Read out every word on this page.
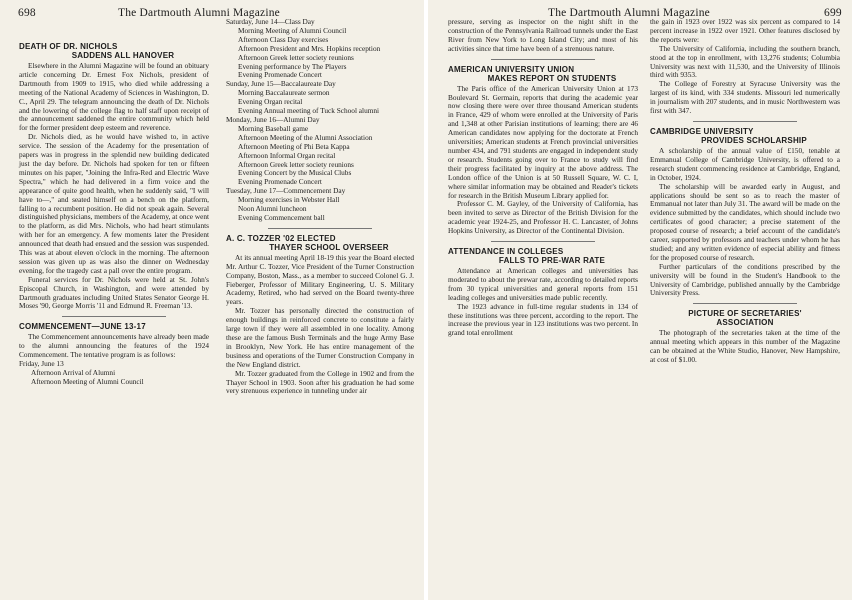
698	The Dartmouth Alumni Magazine
DEATH OF DR. NICHOLS
SADDENS ALL HANOVER

Elsewhere in the Alumni Magazine will be found an obituary article concerning Dr. Ernest Fox Nichols, president of Dartmouth from 1909 to 1915, who died while addressing a meeting of the National Academy of Sciences in Washington, D. C., April 29. The telegram announcing the death of Dr. Nichols and the lowering of the college flag to half staff upon receipt of the announcement saddened the entire community which held for the former president deep esteem and reverence.

Dr. Nichols died, as he would have wished to, in active service. The session of the Academy for the presentation of papers was in progress in the splendid new building dedicated just the day before. Dr. Nichols had spoken for ten or fifteen minutes on his paper, "Joining the Infra-Red and Electric Wave Spectra," which he had delivered in a firm voice and the appearance of quite good health, when he suddenly said, "I will have to—," and seated himself on a bench on the platform, falling to a recumbent position. He did not speak again. Several distinguished physicians, members of the Academy, at once went to the platform, as did Mrs. Nichols, who had heart stimulants with her for an emergency. A few moments later the President announced that death had ensued and the session was suspended. This was at about eleven o'clock in the morning. The afternoon session was given up as was also the dinner on Wednesday evening, for the tragedy cast a pall over the entire program.

Funeral services for Dr. Nichols were held at St. John's Episcopal Church, in Washington, and were attended by Dartmouth graduates including United States Senator George H. Moses '90, George Morris '11 and Edmund R. Freeman '13.

COMMENCEMENT—JUNE 13-17

The Commencement announcements have already been made to the alumni announcing the features of the 1924 Commencement. The tentative program is as follows:

Friday, June 13
Afternoon Arrival of Alumni
Afternoon Meeting of Alumni Council
Saturday, June 14—Class Day
Morning Meeting of Alumni Council
Afternoon Class Day exercises
Afternoon President and Mrs. Hopkins reception
Afternoon Greek letter society reunions
Evening performance by The Players
Evening Promenade Concert
Sunday, June 15—Baccalaureate Day
Morning Baccalaureate sermon
Evening Organ recital
Evening Annual meeting of Tuck School alumni
Monday, June 16—Alumni Day
Morning Baseball game
Afternoon Meeting of the Alumni Association
Afternoon Meeting of Phi Beta Kappa
Afternoon Informal Organ recital
Afternoon Greek letter society reunions
Evening Concert by the Musical Clubs
Evening Promenade Concert
Tuesday, June 17—Commencement Day
Morning exercises in Webster Hall
Noon Alumni luncheon
Evening Commencement ball
A. C. TOZZER '02 ELECTED
THAYER SCHOOL OVERSEER

At its annual meeting April 18-19 this year the Board elected Mr. Arthur C. Tozzer, Vice President of the Turner Construction Company, Boston, Mass., as a member to succeed Colonel G. J. Fieberger, Professor of Military Engineering, U. S. Military Academy, Retired, who had served on the Board twenty-three years.

Mr. Tozzer has personally directed the construction of enough buildings in reinforced concrete to constitute a fairly large town if they were all assembled in one locality. Among these are the famous Bush Terminals and the huge Army Base in Brooklyn, New York. He has entire management of the business and operations of the Turner Construction Company in the New England district.

Mr. Tozzer graduated from the College in 1902 and from the Thayer School in 1903. Soon after his graduation he had some very strenuous experience in tunneling under air

The Dartmouth Alumni Magazine	699

pressure, serving as inspector on the night shift in the construction of the Pennsylvania Railroad tunnels under the East River from New York to Long Island City; and most of his activities since that time have been of a strenuous nature.

AMERICAN UNIVERSITY UNION
MAKES REPORT ON STUDENTS

The Paris office of the American University Union at 173 Boulevard St. Germain, reports that during the academic year now closing there were over three thousand American students in France, 429 of whom were enrolled at the University of Paris and 1,348 at other Parisian institutions of learning; there are 46 American candidates now applying for the doctorate at French universities; American students at French provincial universities number 434, and 791 students are engaged in independent study or research. Students going over to France to study will find their progress facilitated by inquiry at the above address. The London office of the Union is at 50 Russell Square, W. C. I, where similar information may be obtained and Reader's tickets for research in the British Museum Library applied for.

Professor C. M. Gayley, of the University of California, has been invited to serve as Director of the British Division for the academic year 1924-25, and Professor H. C. Lancaster, of Johns Hopkins University, as Director of the Continental Division.

ATTENDANCE IN COLLEGES
FALLS TO PRE-WAR RATE

Attendance at American colleges and universities has moderated to about the prewar rate, according to detailed reports from 30 typical universities and general reports from 151 leading colleges and universities made public recently.

The 1923 advance in full-time regular students in 134 of these institutions was three percent, according to the report. The increase the previous year in 123 institutions was two percent. In grand total enrollment

the gain in 1923 over 1922 was six percent as compared to 14 percent increase in 1922 over 1921. Other features disclosed by the reports were:

The University of California, including the southern branch, stood at the top in enrollment, with 13,276 students; Columbia University was next with 11,530, and the University of Illinois third with 9353.

The College of Forestry at Syracuse University was the largest of its kind, with 334 students. Missouri led numerically in journalism with 207 students, and in music Northwestern was first with 347.

CAMBRIDGE UNIVERSITY
PROVIDES SCHOLARSHIP

A scholarship of the annual value of £150, tenable at Emmanual College of Cambridge University, is offered to a research student commencing residence at Cambridge, England, in October, 1924.

The scholarship will be awarded early in August, and applications should be sent so as to reach the master of Emmanual not later than July 31. The award will be made on the evidence submitted by the candidates, which should include two certificates of good character; a precise statement of the proposed course of research; a brief account of the candidate's career, supported by professors and teachers under whom he has studied; and any written evidence of especial ability and fitness for the proposed course of research.

Further particulars of the conditions prescribed by the university will be found in the Student's Handbook to the University of Cambridge, published annually by the Cambridge University Press.

PICTURE OF SECRETARIES'
ASSOCIATION

The photograph of the secretaries taken at the time of the annual meeting which appears in this number of the Magazine can be obtained at the White Studio, Hanover, New Hampshire, at cost of $1.00.
